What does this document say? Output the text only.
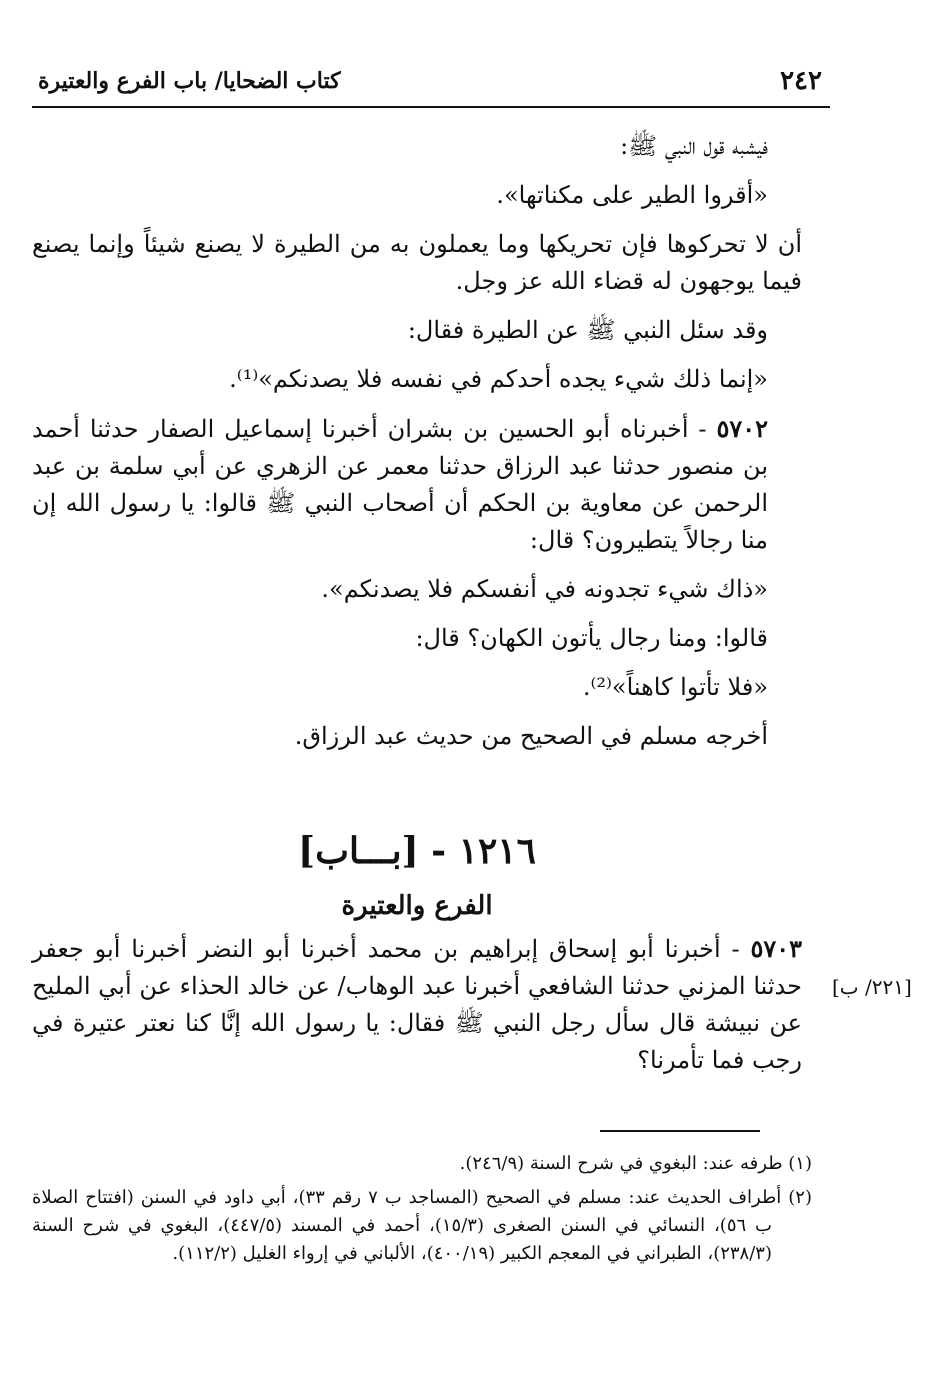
٢٤٢
كتاب الضحايا/ باب الفرع والعتيرة

فيشبه قول النبي ﷺ:

«أقروا الطير على مكناتها».

أن لا تحركوها فإن تحريكها وما يعملون به من الطيرة لا يصنع شيئاً وإنما يصنع فيما يوجهون له قضاء الله عز وجل.

وقد سئل النبي ﷺ عن الطيرة فقال:

«إنما ذلك شيء يجده أحدكم في نفسه فلا يصدنكم»⁽¹⁾.

٥٧٠٢ - أخبرناه أبو الحسين بن بشران أخبرنا إسماعيل الصفار حدثنا أحمد بن منصور حدثنا عبد الرزاق حدثنا معمر عن الزهري عن أبي سلمة بن عبد الرحمن عن معاوية بن الحكم أن أصحاب النبي ﷺ قالوا: يا رسول الله إن منا رجالاً يتطيرون؟ قال:

«ذاك شيء تجدونه في أنفسكم فلا يصدنكم».

قالوا: ومنا رجال يأتون الكهان؟ قال:

«فلا تأتوا كاهناً»⁽²⁾.

أخرجه مسلم في الصحيح من حديث عبد الرزاق.

١٢١٦ - [بـــاب]
الفرع والعتيرة
٥٧٠٣ - أخبرنا أبو إسحاق إبراهيم بن محمد أخبرنا أبو النضر أخبرنا أبو جعفر حدثنا المزني حدثنا الشافعي أخبرنا عبد الوهاب/ عن خالد الحذاء عن أبي المليح عن نبيشة قال سأل رجل النبي ﷺ فقال: يا رسول الله إنَّا كنا نعتر عتيرة في رجب فما تأمرنا؟
[٢٢١/ ب]

(١) طرفه عند: البغوي في شرح السنة (٢٤٦/٩).

(٢) أطراف الحديث عند: مسلم في الصحيح (المساجد ب ٧ رقم ٣٣)، أبي داود في السنن (افتتاح الصلاة ب ٥٦)، النسائي في السنن الصغرى (١٥/٣)، أحمد في المسند (٤٤٧/٥)، البغوي في شرح السنة (٢٣٨/٣)، الطبراني في المعجم الكبير (٤٠٠/١٩)، الألباني في إرواء الغليل (١١٢/٢).
